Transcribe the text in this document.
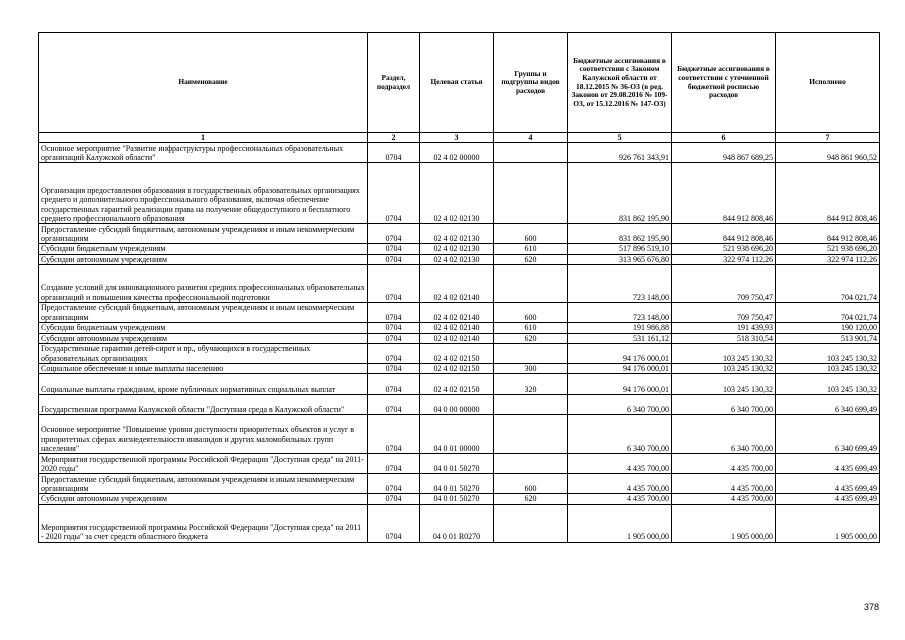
Наименование	Раздел, подраздел	Целевая статья	Группы и подгруппы видов расходов	Бюджетные ассигнования в соответствии с Законом Калужской области от 18.12.2015 № 36-ОЗ (в ред. Законов от 29.08.2016 № 109-ОЗ, от 15.12.2016 № 147-ОЗ)	Бюджетные ассигнования в соответствии с уточненной бюджетной росписью расходов	Исполнено
1	2	3	4	5	6	7
Основное мероприятие "Развитие инфраструктуры профессиональных образовательных организаций Калужской области"	0704	02 4 02 00000		926 761 343,91	948 867 689,25	948 861 960,52
Организация предоставления образования в государственных образовательных организациях среднего и дополнительного профессионального образования, включая обеспечение государственных гарантий реализации права на получение общедоступного и бесплатного среднего профессионального образования	0704	02 4 02 02130		831 862 195,90	844 912 808,46	844 912 808,46
Предоставление субсидий бюджетным, автономным учреждениям и иным некоммерческим организациям	0704	02 4 02 02130	600	831 862 195,90	844 912 808,46	844 912 808,46
Субсидии бюджетным учреждениям	0704	02 4 02 02130	610	517 896 519,10	521 938 696,20	521 938 696,20
Субсидии автономным учреждениям	0704	02 4 02 02130	620	313 965 676,80	322 974 112,26	322 974 112,26
Создание условий для инновационного развития средних профессиональных образовательных организаций и повышения качества профессиональной подготовки	0704	02 4 02 02140		723 148,00	709 750,47	704 021,74
Предоставление субсидий бюджетным, автономным учреждениям и иным некоммерческим организациям	0704	02 4 02 02140	600	723 148,00	709 750,47	704 021,74
Субсидии бюджетным учреждениям	0704	02 4 02 02140	610	191 986,88	191 439,93	190 120,00
Субсидии автономным учреждениям	0704	02 4 02 02140	620	531 161,12	518 310,54	513 901,74
Государственные гарантии детей-сирот и пр., обучающихся в государственных образовательных организациях	0704	02 4 02 02150		94 176 000,01	103 245 130,32	103 245 130,32
Социальное обеспечение и иные выплаты населению	0704	02 4 02 02150	300	94 176 000,01	103 245 130,32	103 245 130,32
Социальные выплаты гражданам, кроме публичных нормативных социальных выплат	0704	02 4 02 02150	320	94 176 000,01	103 245 130,32	103 245 130,32
Государственная программа Калужской области "Доступная среда в Калужской области"	0704	04 0 00 00000		6 340 700,00	6 340 700,00	6 340 699,49
Основное мероприятие "Повышение уровня доступности приоритетных объектов и услуг в приоритетных сферах жизнедеятельности инвалидов и других маломобильных групп населения"	0704	04 0 01 00000		6 340 700,00	6 340 700,00	6 340 699,49
Мероприятия государственной программы Российской Федерации "Доступная среда" на 2011-2020 годы"	0704	04 0 01 50270		4 435 700,00	4 435 700,00	4 435 699,49
Предоставление субсидий бюджетным, автономным учреждениям и иным некоммерческим организациям	0704	04 0 01 50270	600	4 435 700,00	4 435 700,00	4 435 699,49
Субсидии автономным учреждениям	0704	04 0 01 50270	620	4 435 700,00	4 435 700,00	4 435 699,49
Мероприятия государственной программы Российской Федерации "Доступная среда" на 2011 - 2020 годы" за счет средств областного бюджета	0704	04 0 01 R0270		1 905 000,00	1 905 000,00	1 905 000,00
378
